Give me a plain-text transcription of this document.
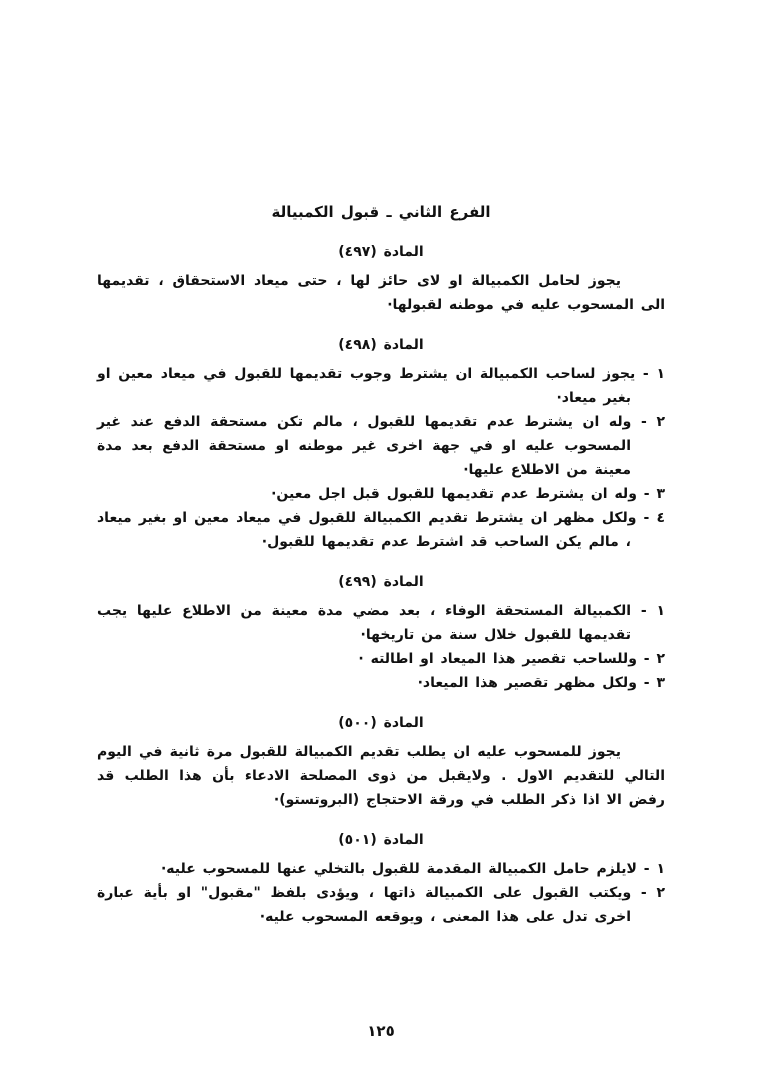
الفرع الثاني ـ قبول الكمبيالة
المادة (٤٩٧)

يجوز لحامل الكمبيالة او لاى حائز لها ، حتى ميعاد الاستحقاق ، تقديمها الى المسحوب عليه في موطنه لقبولها·

المادة (٤٩٨)

١ - يجوز لساحب الكمبيالة ان يشترط وجوب تقديمها للقبول في ميعاد معين او بغير ميعاد·

٢ - وله ان يشترط عدم تقديمها للقبول ، مالم تكن مستحقة الدفع عند غير المسحوب عليه او في جهة اخرى غير موطنه او مستحقة الدفع بعد مدة معينة من الاطلاع عليها·

٣ - وله ان يشترط عدم تقديمها للقبول قبل اجل معين·

٤ - ولكل مظهر ان يشترط تقديم الكمبيالة للقبول في ميعاد معين او بغير ميعاد ، مالم يكن الساحب قد اشترط عدم تقديمها للقبول·

المادة (٤٩٩)

١ - الكمبيالة المستحقة الوفاء ، بعد مضي مدة معينة من الاطلاع عليها يجب تقديمها للقبول خلال سنة من تاريخها·

٢ - وللساحب تقصير هذا الميعاد او اطالته ·

٣ - ولكل مظهر تقصير هذا الميعاد·

المادة (٥٠٠)

يجوز للمسحوب عليه ان يطلب تقديم الكمبيالة للقبول مرة ثانية في اليوم التالي للتقديم الاول . ولايقبل من ذوى المصلحة الادعاء بأن هذا الطلب قد رفض الا اذا ذكر الطلب في ورقة الاحتجاج (البروتستو)·

المادة (٥٠١)

١ - لايلزم حامل الكمبيالة المقدمة للقبول بالتخلي عنها للمسحوب عليه·

٢ - ويكتب القبول على الكمبيالة ذاتها ، ويؤدى بلفظ "مقبول" او بأية عبارة اخرى تدل على هذا المعنى ، ويوقعه المسحوب عليه·

١٢٥
